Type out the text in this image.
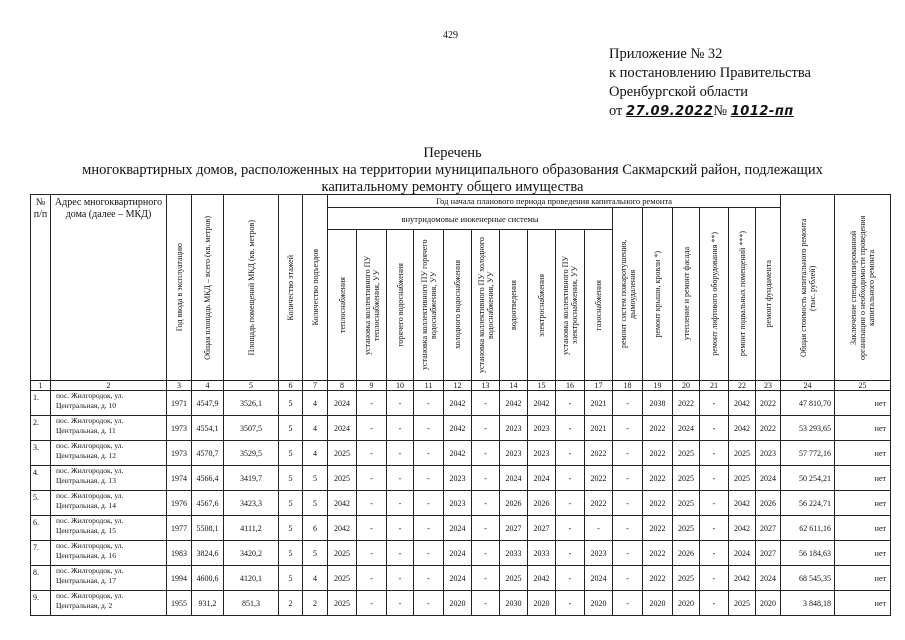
429
Приложение № 32
к постановлению Правительства
Оренбургской области
от 27.09.2022№ 1012-пп
Перечень
многоквартирных домов, расположенных на территории муниципального образования Сакмарский район, подлежащих
капитальному ремонту общего имущества
№ п/п	Адрес многоквартирного дома (далее – МКД)	Год ввода в эксплуатацию	Общая площадь МКД – всего (кв. метров)	Площадь помещений МКД (кв. метров)	Количество этажей	Количество подъездов	Год начала планового периода проведения капитального ремонта																Общая стоимость капитального ремонта (тыс. рублей)	Заключение специализированной организации о необходимости проведения капитального ремонта

							внутридомовые инженерные системы										ремонт систем пожаротушения, дымоудаления	ремонт крыши, кровли *)	утепление и ремонт фасада	ремонт лифтового оборудования **)	ремонт подвальных помещений ***)	ремонт фундамента		

							теплоснабжения	установка коллективного ПУ теплоснабжения, УУ	горячего водоснабжения	установка коллективного ПУ горячего водоснабжения, УУ	холодного водоснабжения	установка коллективного ПУ холодного водоснабжения, УУ	водоотведения	электроснабжения	установка коллективного ПУ электроснабжения, УУ	газоснабжения								

1	2	3	4	5	6	7	8	9	10	11	12	13	14	15	16	17	18	19	20	21	22	23	24	25
1.	пос. Жилгородок, ул. Центральная, д. 10	1971	4547,9	3526,1	5	4	2024	-	-	-	2042	-	2042	2042	-	2021	-	2038	2022	-	2042	2022	47 810,70	нет
2.	пос. Жилгородок, ул. Центральная, д. 11	1973	4554,1	3507,5	5	4	2024	-	-	-	2042	-	2023	2023	-	2021	-	2022	2024	-	2042	2022	53 293,65	нет
3.	пос. Жилгородок, ул. Центральная, д. 12	1973	4570,7	3529,5	5	4	2025	-	-	-	2042	-	2023	2023	-	2022	-	2022	2025	-	2025	2023	57 772,16	нет
4.	пос. Жилгородок, ул. Центральная, д. 13	1974	4566,4	3419,7	5	5	2025	-	-	-	2023	-	2024	2024	-	2022	-	2022	2025	-	2025	2024	50 254,21	нет
5.	пос. Жилгородок, ул. Центральная, д. 14	1976	4567,6	3423,3	5	5	2042	-	-	-	2023	-	2026	2026	-	2022	-	2022	2025	-	2042	2026	56 224,71	нет
6.	пос. Жилгородок, ул. Центральная, д. 15	1977	5508,1	4111,2	5	6	2042	-	-	-	2024	-	2027	2027	-	-	-	2022	2025	-	2042	2027	62 611,16	нет
7.	пос. Жилгородок, ул. Центральная, д. 16	1983	3824,6	3420,2	5	5	2025	-	-	-	2024	-	2033	2033	-	2023	-	2022	2026	-	2024	2027	56 184,63	нет
8.	пос. Жилгородок, ул. Центральная, д. 17	1994	4600,6	4120,1	5	4	2025	-	-	-	2024	-	2025	2042	-	2024	-	2022	2025	-	2042	2024	68 545,35	нет
9.	пос. Жилгородок, ул. Центральная, д. 2	1955	931,2	851,3	2	2	2025	-	-	-	2020	-	2030	2020	-	2020	-	2020	2020	-	2025	2020	3 848,18	нет
